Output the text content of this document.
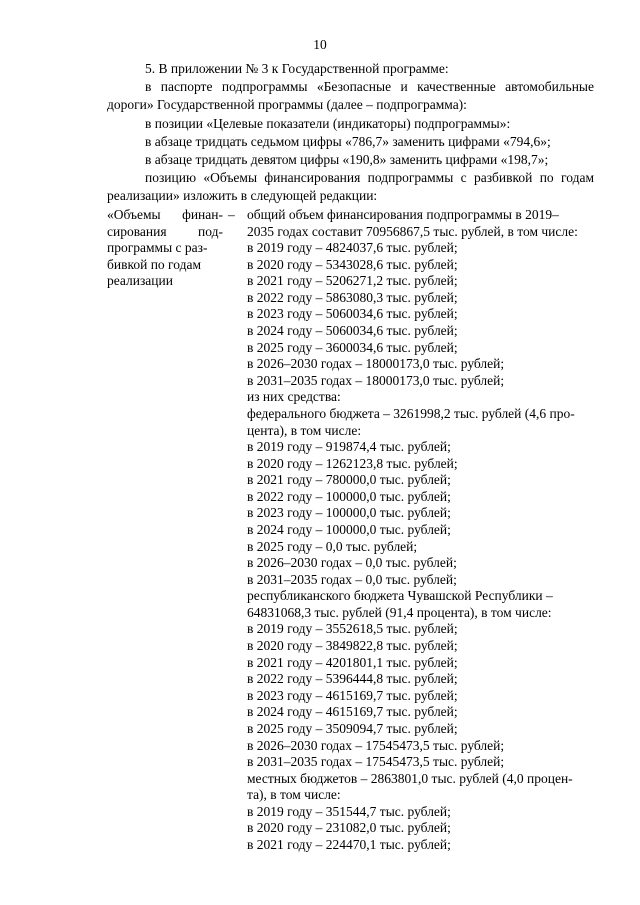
10

5. В приложении № 3 к Государственной программе:

в паспорте подпрограммы «Безопасные и качественные автомобильные дороги» Государственной программы (далее – подпрограмма):

в позиции «Целевые показатели (индикаторы) подпрограммы»:

в абзаце тридцать седьмом цифры «786,7» заменить цифрами «794,6»;

в абзаце тридцать девятом цифры «190,8» заменить цифрами «198,7»;

позицию «Объемы финансирования подпрограммы с разбивкой по годам реализации» изложить в следующей редакции:

«Объемы финан-
сирования под-
программы с раз-
бивкой по годам
реализации
– общий объем финансирования подпрограммы в 2019–
2035 годах составит 70956867,5 тыс. рублей, в том числе:
в 2019 году – 4824037,6 тыс. рублей;
в 2020 году – 5343028,6 тыс. рублей;
в 2021 году – 5206271,2 тыс. рублей;
в 2022 году – 5863080,3 тыс. рублей;
в 2023 году – 5060034,6 тыс. рублей;
в 2024 году – 5060034,6 тыс. рублей;
в 2025 году – 3600034,6 тыс. рублей;
в 2026–2030 годах – 18000173,0 тыс. рублей;
в 2031–2035 годах – 18000173,0 тыс. рублей;
из них средства:
федерального бюджета – 3261998,2 тыс. рублей (4,6 про-
цента), в том числе:
в 2019 году – 919874,4 тыс. рублей;
в 2020 году – 1262123,8 тыс. рублей;
в 2021 году – 780000,0 тыс. рублей;
в 2022 году – 100000,0 тыс. рублей;
в 2023 году – 100000,0 тыс. рублей;
в 2024 году – 100000,0 тыс. рублей;
в 2025 году – 0,0 тыс. рублей;
в 2026–2030 годах – 0,0 тыс. рублей;
в 2031–2035 годах – 0,0 тыс. рублей;
республиканского бюджета Чувашской Республики –
64831068,3 тыс. рублей (91,4 процента), в том числе:
в 2019 году – 3552618,5 тыс. рублей;
в 2020 году – 3849822,8 тыс. рублей;
в 2021 году – 4201801,1 тыс. рублей;
в 2022 году – 5396444,8 тыс. рублей;
в 2023 году – 4615169,7 тыс. рублей;
в 2024 году – 4615169,7 тыс. рублей;
в 2025 году – 3509094,7 тыс. рублей;
в 2026–2030 годах – 17545473,5 тыс. рублей;
в 2031–2035 годах – 17545473,5 тыс. рублей;
местных бюджетов – 2863801,0 тыс. рублей (4,0 процен-
та), в том числе:
в 2019 году – 351544,7 тыс. рублей;
в 2020 году – 231082,0 тыс. рублей;
в 2021 году – 224470,1 тыс. рублей;
